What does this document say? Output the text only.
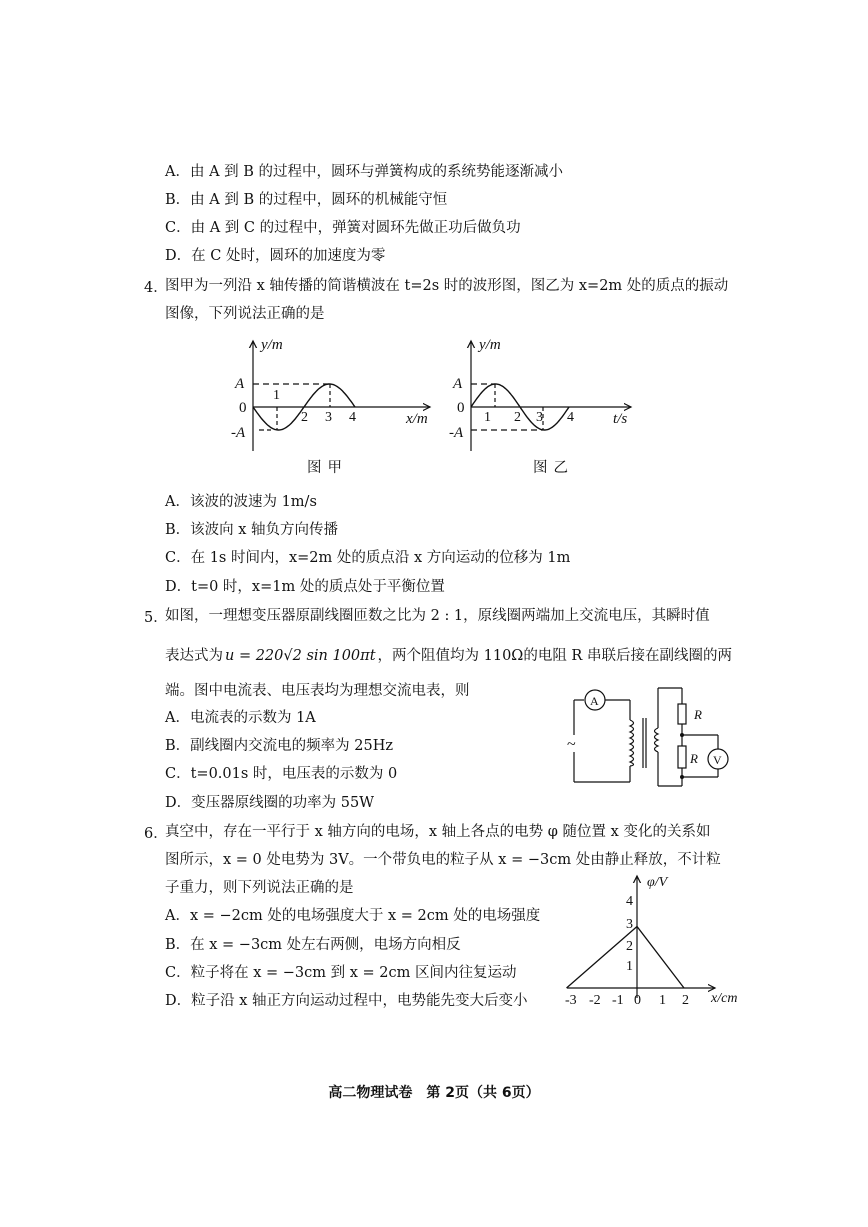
A．由 A 到 B 的过程中，圆环与弹簧构成的系统势能逐渐减小
B．由 A 到 B 的过程中，圆环的机械能守恒
C．由 A 到 C 的过程中，弹簧对圆环先做正功后做负功
D．在 C 处时，圆环的加速度为零
4．
图甲为一列沿 x 轴传播的简谐横波在 t=2s 时的波形图，图乙为 x=2m 处的质点的振动
图像，下列说法正确的是
y/m
x/m
A
0
-A
1
2 3 4
图甲
y/m
t/s
A
0
-A
1 2 3 4
图乙
A．该波的波速为 1m/s
B．该波向 x 轴负方向传播
C．在 1s 时间内，x=2m 处的质点沿 x 方向运动的位移为 1m
D．t=0 时，x=1m 处的质点处于平衡位置
5．
如图，一理想变压器原副线圈匝数之比为 2 : 1，原线圈两端加上交流电压，其瞬时值
表达式为 u = 220√2 sin 100πt ，两个阻值均为 110Ω的电阻 R 串联后接在副线圈的两
端。图中电流表、电压表均为理想交流电表，则
~
A
R
R V
A．电流表的示数为 1A
B．副线圈内交流电的频率为 25Hz
C．t=0.01s 时，电压表的示数为 0
D．变压器原线圈的功率为 55W
6．
真空中，存在一平行于 x 轴方向的电场，x 轴上各点的电势 φ 随位置 x 变化的关系如
图所示，x = 0 处电势为 3V。一个带负电的粒子从 x = −3cm 处由静止释放，不计粒
子重力，则下列说法正确的是
A．x = −2cm 处的电场强度大于 x = 2cm 处的电场强度
B．在 x = −3cm 处左右两侧，电场方向相反
C．粒子将在 x = −3cm 到 x = 2cm 区间内往复运动
D．粒子沿 x 轴正方向运动过程中，电势能先变大后变小
φ/V
x/cm
4
3
2
1
-3 -2 -1 0 1 2
高二物理试卷　第 2页（共 6页）
